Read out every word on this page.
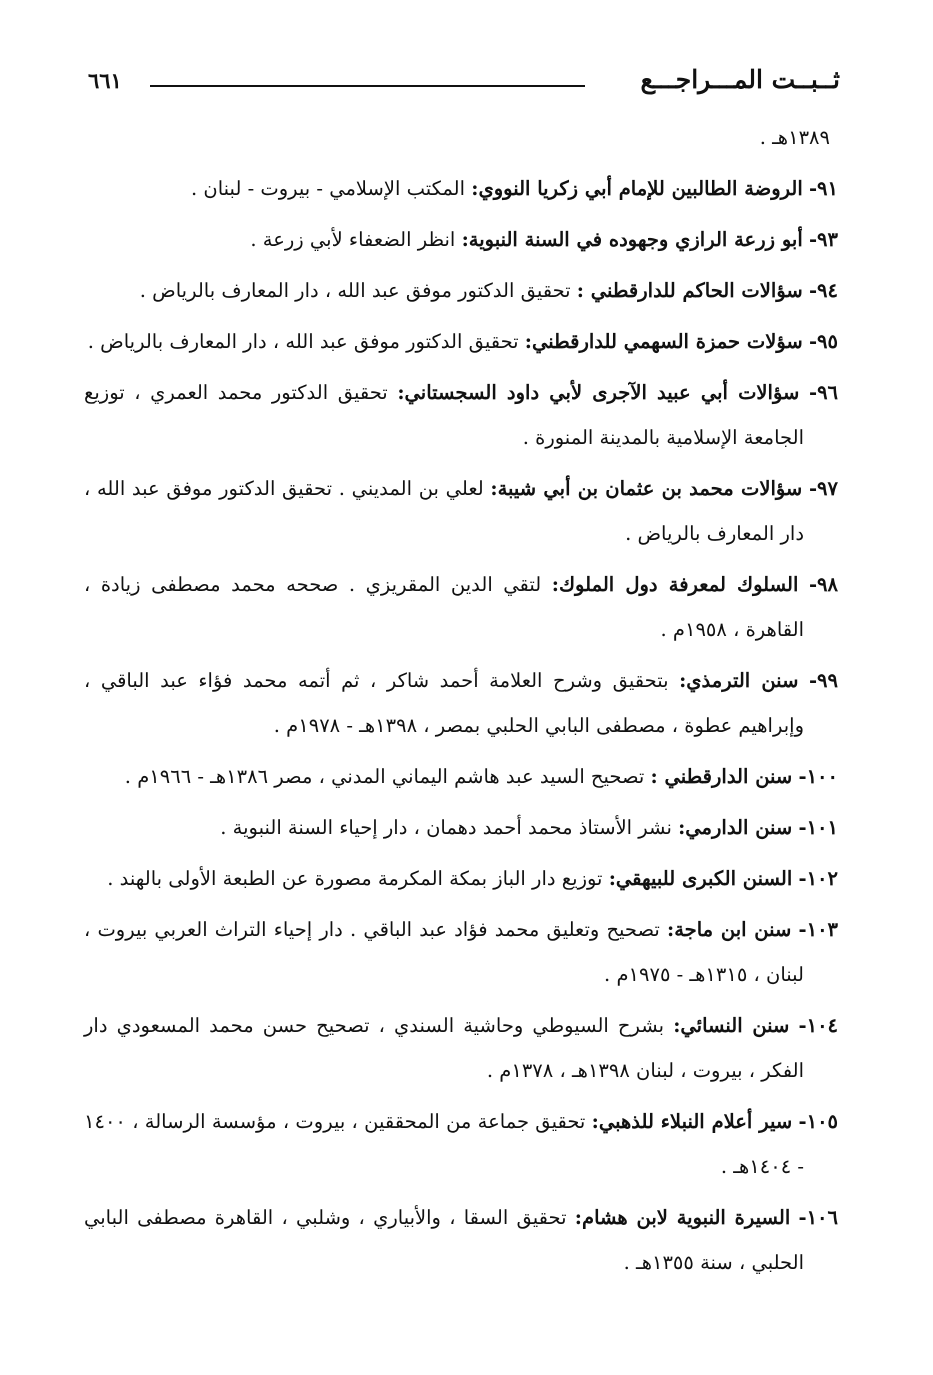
ثــبــت المـــراجـــع
٦٦١

١٣٨٩هـ .

٩١- الروضة الطالبين للإمام أبي زكريا النووي: المكتب الإسلامي - بيروت - لبنان .

٩٣- أبو زرعة الرازي وجهوده في السنة النبوية: انظر الضعفاء لأبي زرعة .

٩٤- سؤالات الحاكم للدارقطني : تحقيق الدكتور موفق عبد الله ، دار المعارف بالرياض .

٩٥- سؤلات حمزة السهمي للدارقطني: تحقيق الدكتور موفق عبد الله ، دار المعارف بالرياض .

٩٦- سؤالات أبي عبيد الآجرى لأبي داود السجستاني: تحقيق الدكتور محمد العمري ، توزيع الجامعة الإسلامية بالمدينة المنورة .

٩٧- سؤالات محمد بن عثمان بن أبي شيبة: لعلي بن المديني . تحقيق الدكتور موفق عبد الله ، دار المعارف بالرياض .

٩٨- السلوك لمعرفة دول الملوك: لتقي الدين المقريزي . صححه محمد مصطفى زيادة ، القاهرة ، ١٩٥٨م .

٩٩- سنن الترمذي: بتحقيق وشرح العلامة أحمد شاكر ، ثم أتمه محمد فؤاء عبد الباقي ، وإبراهيم عطوة ، مصطفى البابي الحلبي بمصر ، ١٣٩٨هـ - ١٩٧٨م .

١٠٠- سنن الدارقطني : تصحيح السيد عبد هاشم اليماني المدني ، مصر ١٣٨٦هـ - ١٩٦٦م .

١٠١- سنن الدارمي: نشر الأستاذ محمد أحمد دهمان ، دار إحياء السنة النبوية .

١٠٢- السنن الكبرى للبيهقي: توزيع دار الباز بمكة المكرمة مصورة عن الطبعة الأولى بالهند .

١٠٣- سنن ابن ماجة: تصحيح وتعليق محمد فؤاد عبد الباقي . دار إحياء التراث العربي بيروت ، لبنان ، ١٣١٥هـ - ١٩٧٥م .

١٠٤- سنن النسائي: بشرح السيوطي وحاشية السندي ، تصحيح حسن محمد المسعودي دار الفكر ، بيروت ، لبنان ١٣٩٨هـ ، ١٣٧٨م .

١٠٥- سير أعلام النبلاء للذهبي: تحقيق جماعة من المحققين ، بيروت ، مؤسسة الرسالة ، ١٤٠٠ - ١٤٠٤هـ .

١٠٦- السيرة النبوية لابن هشام: تحقيق السقا ، والأبياري ، وشلبي ، القاهرة مصطفى البابي الحلبي ، سنة ١٣٥٥هـ .
